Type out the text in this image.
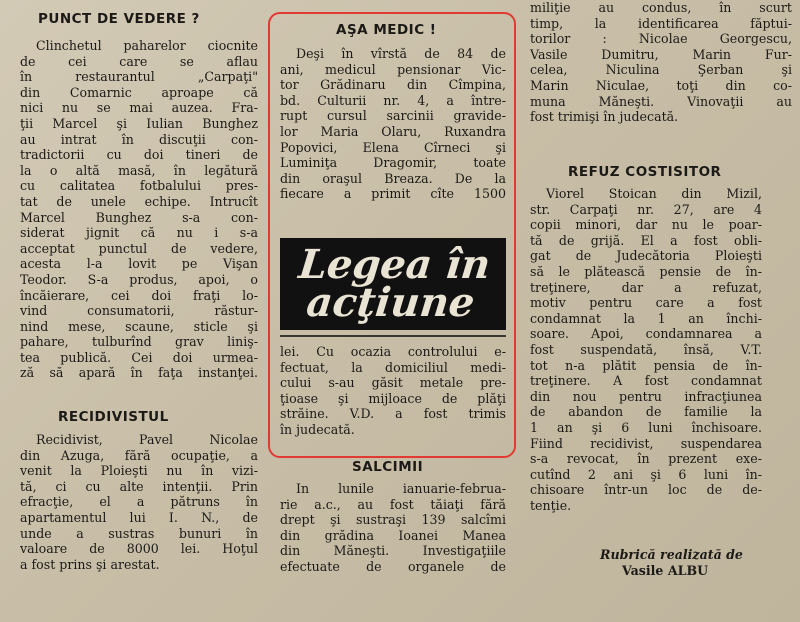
PUNCT DE VEDERE ?
Clinchetul paharelor ciocnite
de cei care se aflau
în restaurantul „Carpaţi"
din Comarnic aproape că
nici nu se mai auzea. Fra-
ţii Marcel şi Iulian Bunghez
au intrat în discuţii con-
tradictorii cu doi tineri de
la o altă masă, în legătură
cu calitatea fotbalului pres-
tat de unele echipe. Intrucît
Marcel Bunghez s-a con-
siderat jignit că nu i s-a
acceptat punctul de vedere,
acesta l-a lovit pe Vişan
Teodor. S-a produs, apoi, o
încăierare, cei doi fraţi lo-
vind consumatorii, răstur-
nind mese, scaune, sticle şi
pahare, tulburînd grav liniş-
tea publică. Cei doi urmea-
ză să apară în faţa instanţei.
RECIDIVISTUL
Recidivist, Pavel Nicolae
din Azuga, fără ocupaţie, a
venit la Ploieşti nu în vizi-
tă, ci cu alte intenţii. Prin
efracţie, el a pătruns în
apartamentul lui I. N., de
unde a sustras bunuri în
valoare de 8000 lei. Hoţul
a fost prins şi arestat.
AŞA MEDIC !
Deşi în vîrstă de 84 de
ani, medicul pensionar Vic-
tor Grădinaru din Cîmpina,
bd. Culturii nr. 4, a între-
rupt cursul sarcinii gravide-
lor Maria Olaru, Ruxandra
Popovici, Elena Cîrneci şi
Luminiţa Dragomir, toate
din oraşul Breaza. De la
fiecare a primit cîte 1500
Legea în
acţiune
lei. Cu ocazia controlului e-
fectuat, la domiciliul medi-
cului s-au găsit metale pre-
ţioase şi mijloace de plăţi
străine. V.D. a fost trimis
în judecată.
SALCIMII
In lunile ianuarie-februa-
rie a.c., au fost tăiaţi fără
drept şi sustraşi 139 salcîmi
din grădina Ioanei Manea
din Măneşti. Investigaţiile
efectuate de organele de
miliţie au condus, în scurt
timp, la identificarea făptui-
torilor : Nicolae Georgescu,
Vasile Dumitru, Marin Fur-
celea, Niculina Şerban şi
Marin Niculae, toţi din co-
muna Măneşti. Vinovaţii au
fost trimişi în judecată.
REFUZ COSTISITOR
Viorel Stoican din Mizil,
str. Carpaţi nr. 27, are 4
copii minori, dar nu le poar-
tă de grijă. El a fost obli-
gat de Judecătoria Ploieşti
să le plătească pensie de în-
treţinere, dar a refuzat,
motiv pentru care a fost
condamnat la 1 an închi-
soare. Apoi, condamnarea a
fost suspendată, însă, V.T.
tot n-a plătit pensia de în-
treţinere. A fost condamnat
din nou pentru infracţiunea
de abandon de familie la
1 an şi 6 luni închisoare.
Fiind recidivist, suspendarea
s-a revocat, în prezent exe-
cutînd 2 ani şi 6 luni în-
chisoare într-un loc de de-
tenţie.
Rubrică realizată de
Vasile ALBU
